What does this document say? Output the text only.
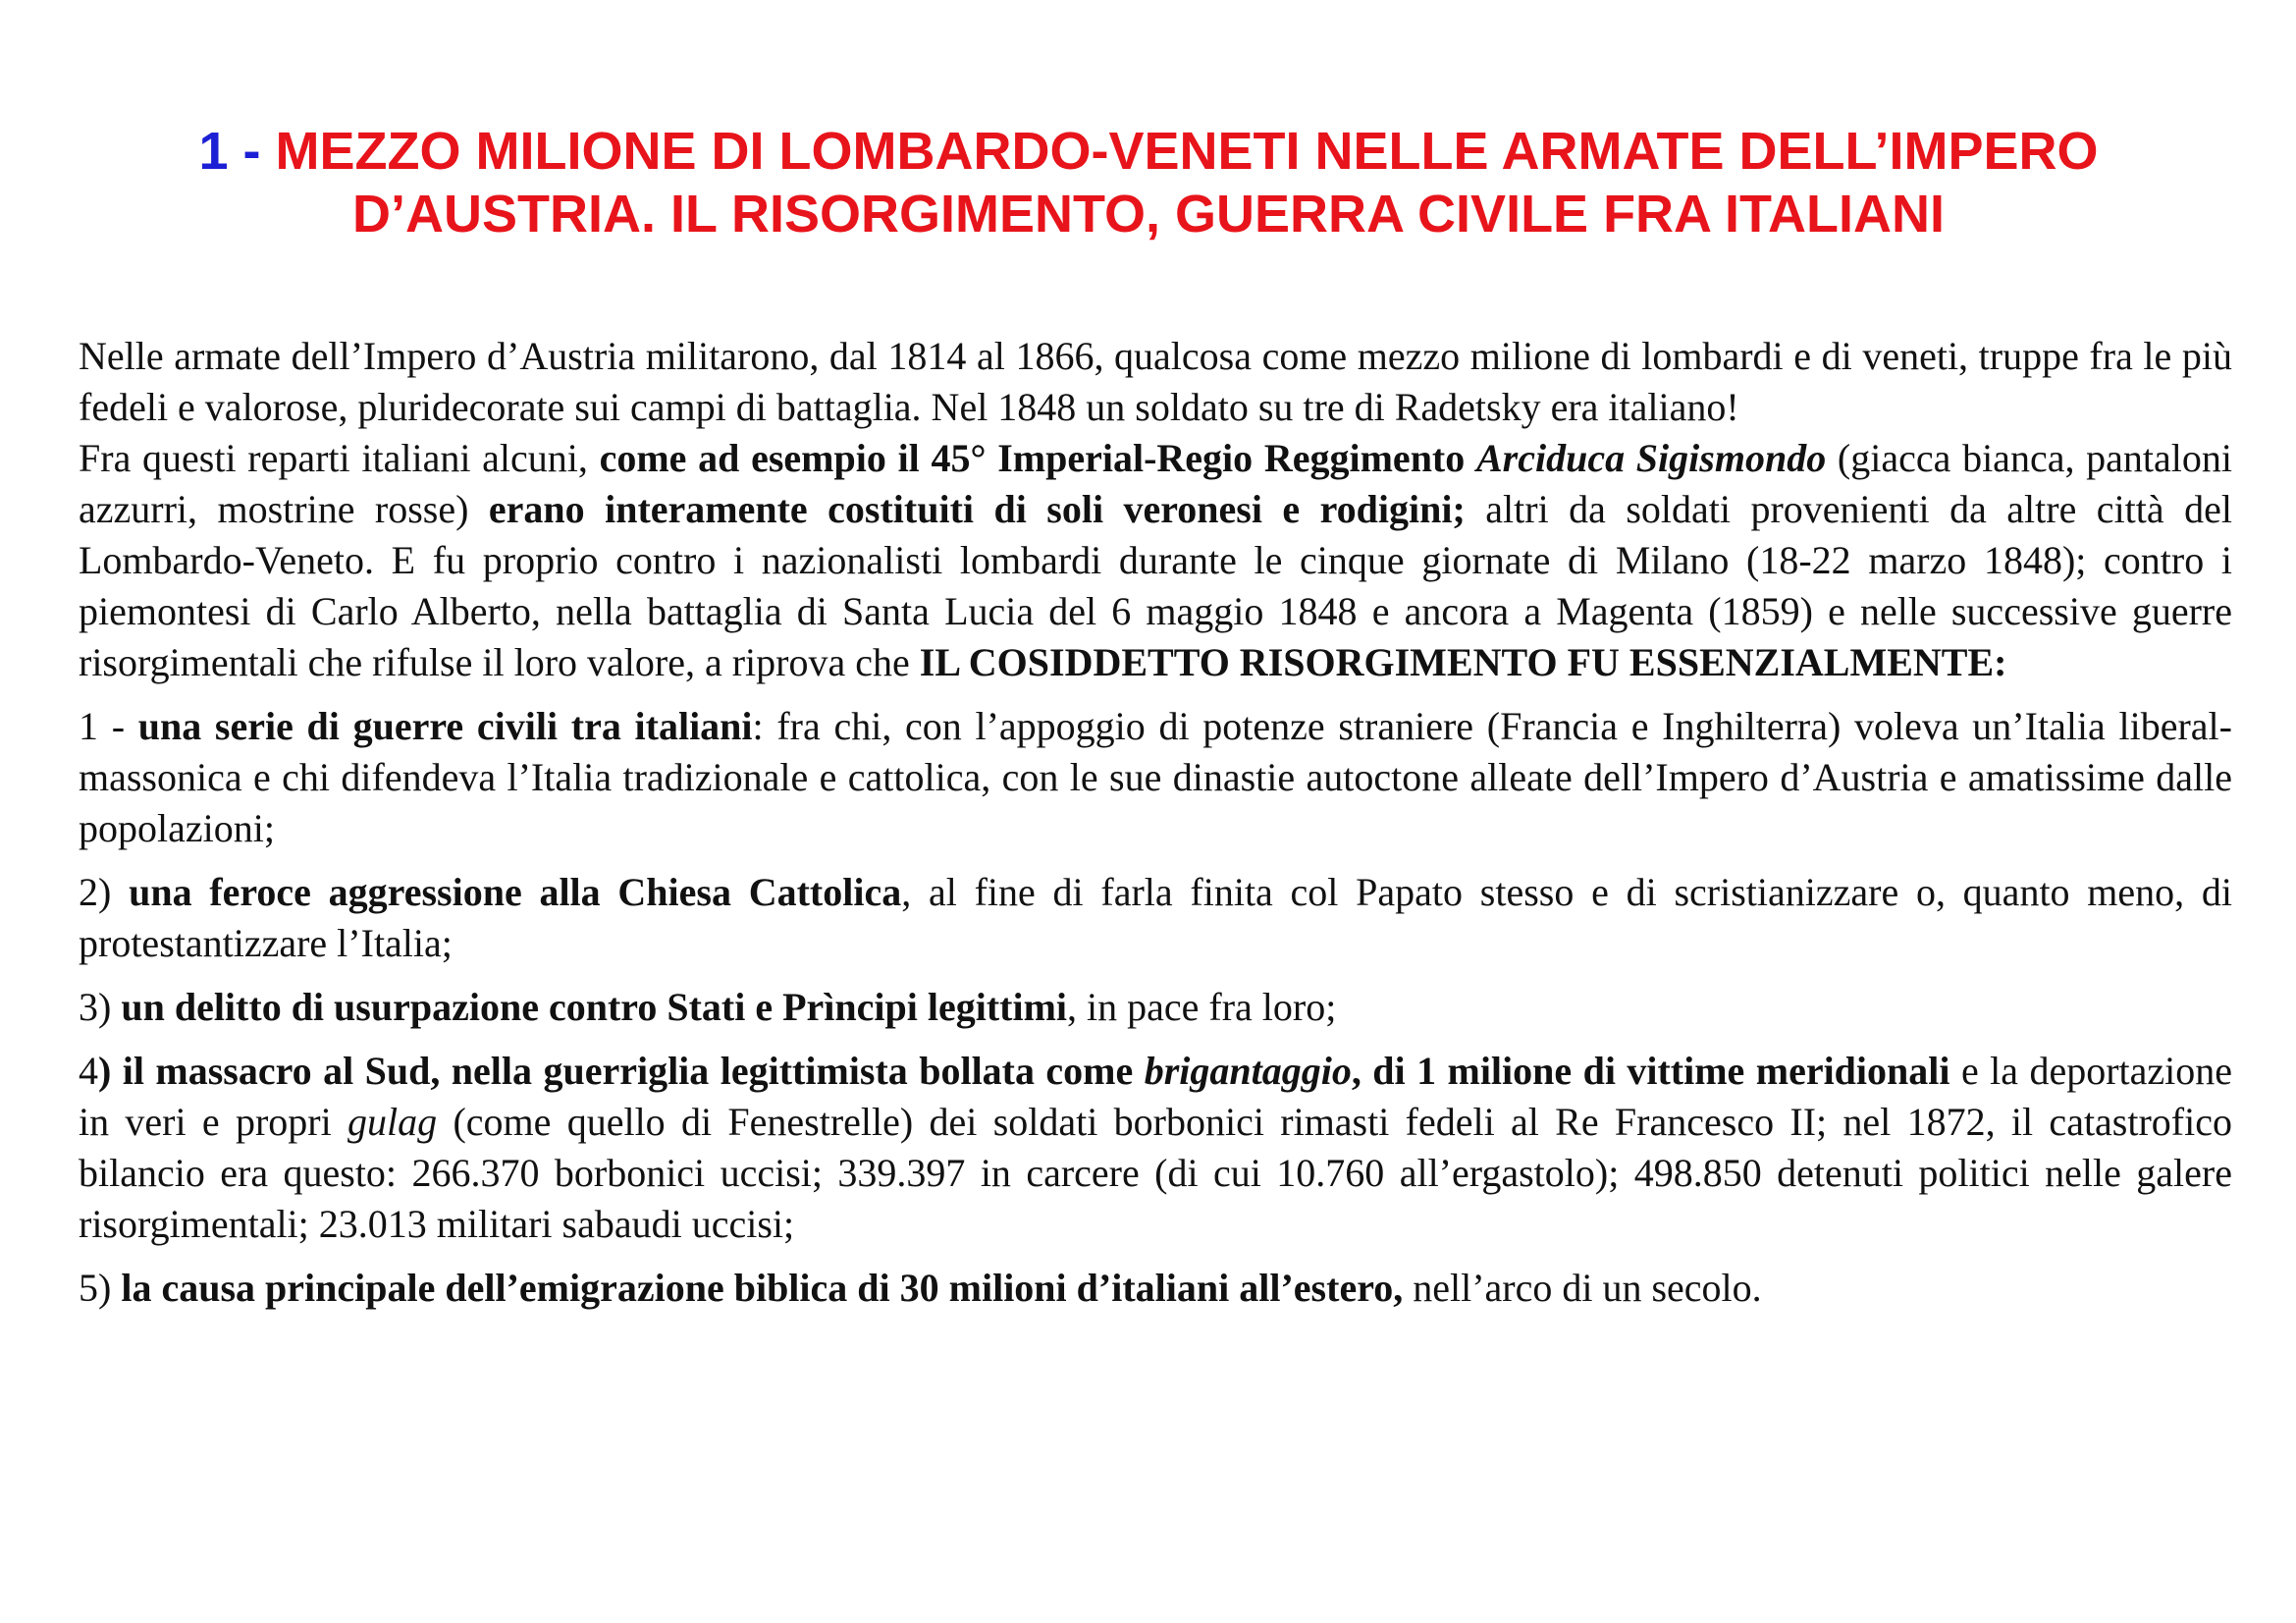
1 - MEZZO MILIONE DI LOMBARDO-VENETI NELLE ARMATE DELL’IMPERO
D’AUSTRIA. IL RISORGIMENTO, GUERRA CIVILE FRA ITALIANI

Nelle armate dell’Impero d’Austria militarono, dal 1814 al 1866, qualcosa come mezzo milione di lombardi e di veneti, truppe fra le più fedeli e valorose, pluridecorate sui campi di battaglia. Nel 1848 un soldato su tre di Radetsky era italiano!

Fra questi reparti italiani alcuni, come ad esempio il 45° Imperial-Regio Reggimento Arciduca Sigismondo (giacca bianca, pantaloni azzurri, mostrine rosse) erano interamente costituiti di soli veronesi e rodigini; altri da soldati provenienti da altre città del Lombardo-Veneto. E fu proprio contro i nazionalisti lombardi durante le cinque giornate di Milano (18-22 marzo 1848); contro i piemontesi di Carlo Alberto, nella battaglia di Santa Lucia del 6 maggio 1848 e ancora a Magenta (1859) e nelle successive guerre risorgimentali che rifulse il loro valore, a riprova che IL COSIDDETTO RISORGIMENTO FU ESSENZIALMENTE:

1 - una serie di guerre civili tra italiani: fra chi, con l’appoggio di potenze straniere (Francia e Inghilterra) voleva un’Italia liberal-massonica e chi difendeva l’Italia tradizionale e cattolica, con le sue dinastie autoctone alleate dell’Impero d’Austria e amatissime dalle popolazioni;

2) una feroce aggressione alla Chiesa Cattolica, al fine di farla finita col Papato stesso e di scristianizzare o, quanto meno, di protestantizzare l’Italia;

3) un delitto di usurpazione contro Stati e Prìncipi legittimi, in pace fra loro;

4) il massacro al Sud, nella guerriglia legittimista bollata come brigantaggio, di 1 milione di vittime meridionali e la deportazione in veri e propri gulag (come quello di Fenestrelle) dei soldati borbonici rimasti fedeli al Re Francesco II; nel 1872, il catastrofico bilancio era questo: 266.370 borbonici uccisi; 339.397 in carcere (di cui 10.760 all’ergastolo); 498.850 detenuti politici nelle galere risorgimentali; 23.013 militari sabaudi uccisi;

5) la causa principale dell’emigrazione biblica di 30 milioni d’italiani all’estero, nell’arco di un secolo.
